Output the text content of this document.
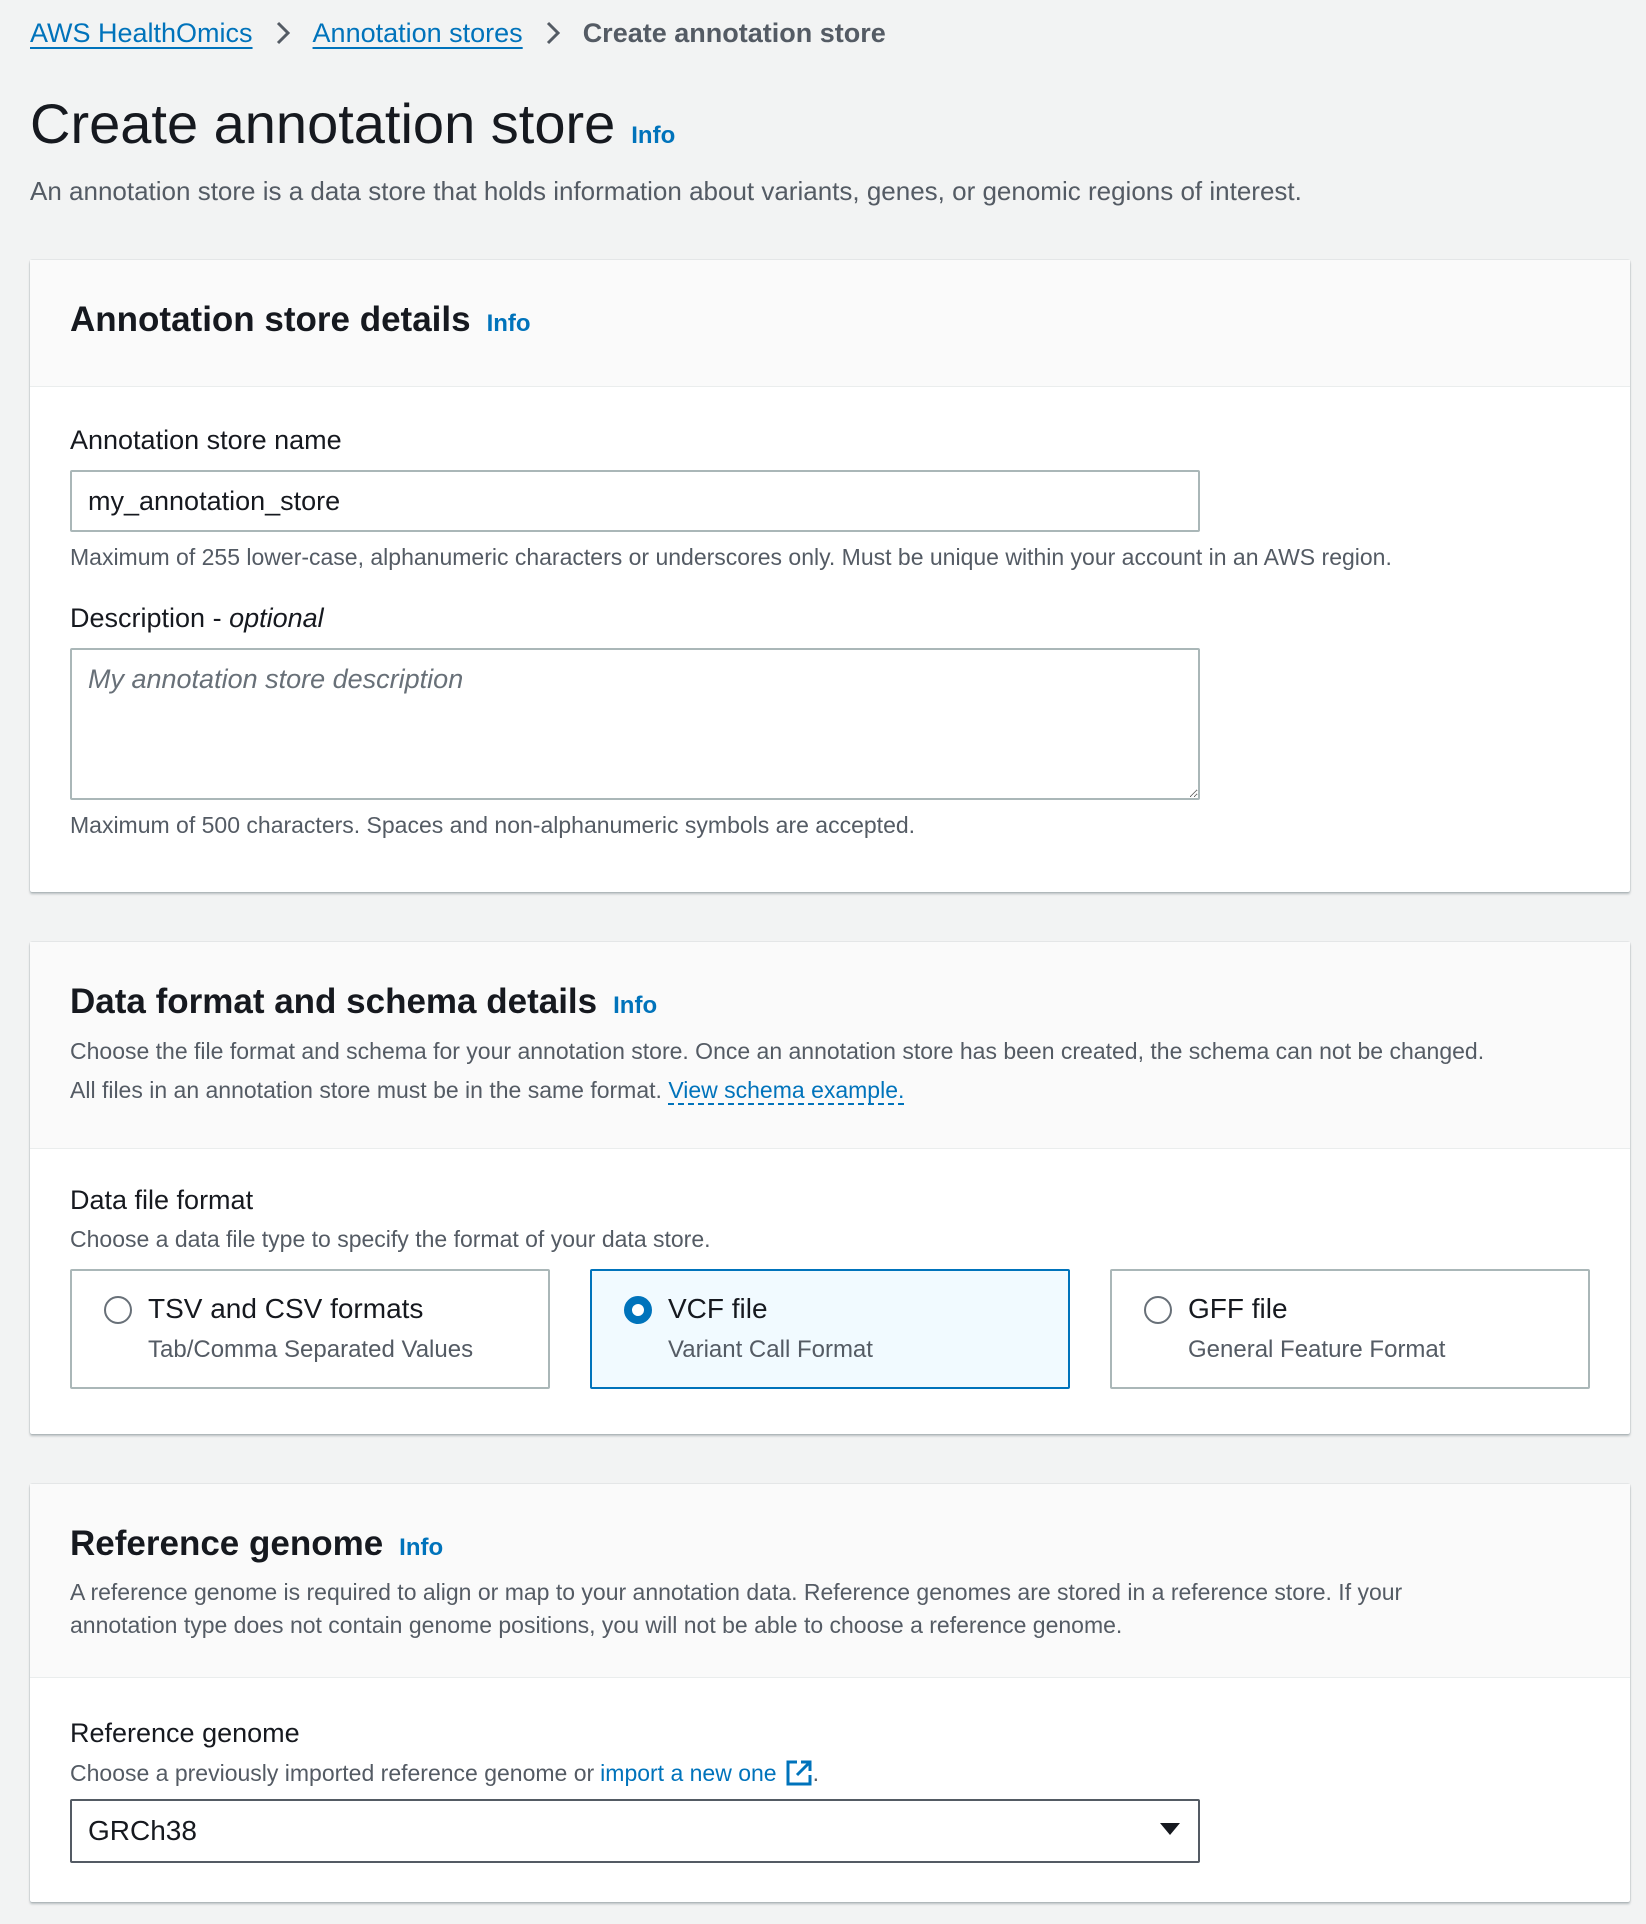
AWS HealthOmics Annotation stores Create annotation store
Create annotation store Info
An annotation store is a data store that holds information about variants, genes, or genomic regions of interest.
Annotation store details Info
Annotation store name
my_annotation_store
Maximum of 255 lower-case, alphanumeric characters or underscores only. Must be unique within your account in an AWS region.
Description - optional
My annotation store description
Maximum of 500 characters. Spaces and non-alphanumeric symbols are accepted.
Data format and schema details Info
Choose the file format and schema for your annotation store. Once an annotation store has been created, the schema can not be changed.
All files in an annotation store must be in the same format. View schema example.
Data file format
Choose a data file type to specify the format of your data store.
TSV and CSV formats
Tab/Comma Separated Values
VCF file
Variant Call Format
GFF file
General Feature Format
Reference genome Info
A reference genome is required to align or map to your annotation data. Reference genomes are stored in a reference store. If your
annotation type does not contain genome positions, you will not be able to choose a reference genome.
Reference genome
Choose a previously imported reference genome or import a new one .
GRCh38
